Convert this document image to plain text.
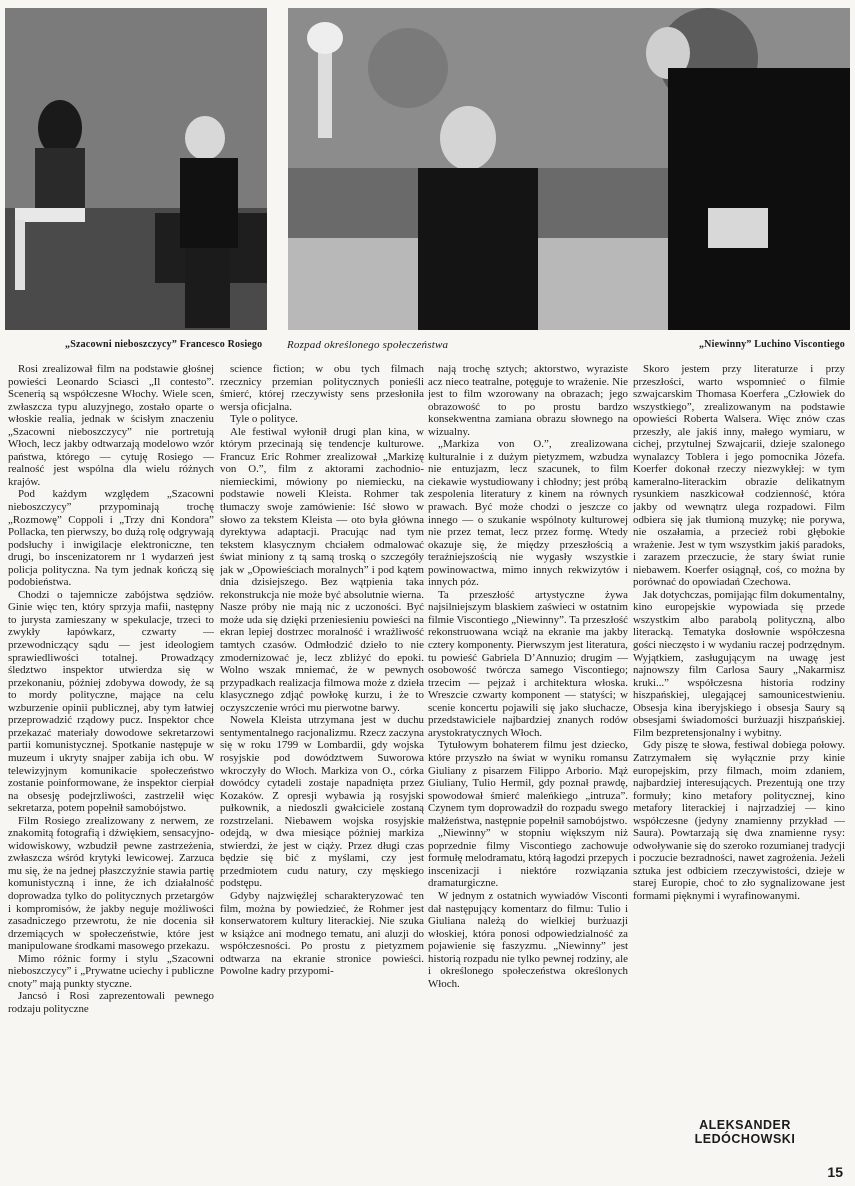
„Szacowni nieboszczycy” Francesco Rosiego Rozpad określonego społeczeństwa	„Niewinny” Luchino Viscontiego

Rosi zrealizował film na podstawie głośnej powieści Leonardo Sciasci „Il contesto”. Scenerią są współczesne Włochy. Wiele scen, zwłaszcza typu aluzyjnego, zostało oparte o włoskie realia, jednak w ścisłym znaczeniu „Szacowni nieboszczycy” nie portretują Włoch, lecz jakby odtwarzają modelowo wzór państwa, którego — cytuję Rosiego — realność jest wspólna dla wielu różnych krajów.

Pod każdym względem „Szacowni nieboszczycy” przypominają trochę „Rozmowę” Coppoli i „Trzy dni Kondora” Pollacka, ten pierwszy, bo dużą rolę odgrywają podsłuchy i inwigilacje elektroniczne, ten drugi, bo inscenizatorem nr 1 wydarzeń jest policja polityczna. Na tym jednak kończą się podobieństwa.

Chodzi o tajemnicze zabójstwa sędziów. Ginie więc ten, który sprzyja mafii, następny to jurysta zamieszany w spekulacje, trzeci to zwykły łapówkarz, czwarty — przewodniczący sądu — jest ideologiem sprawiedliwości totalnej. Prowadzący śledztwo inspektor utwierdza się w przekonaniu, później zdobywa dowody, że są to mordy polityczne, mające na celu wzburzenie opinii publicznej, aby tym łatwiej przeprowadzić rządowy pucz. Inspektor chce przekazać materiały dowodowe sekretarzowi partii komunistycznej. Spotkanie następuje w muzeum i ukryty snajper zabija ich obu. W telewizyjnym komunikacie społeczeństwo zostanie poinformowane, że inspektor cierpiał na obsesję podejrzliwości, zastrzelił więc sekretarza, potem popełnił samobójstwo.

Film Rosiego zrealizowany z nerwem, ze znakomitą fotografią i dźwiękiem, sensacyjno-widowiskowy, wzbudził pewne zastrzeżenia, zwłaszcza wśród krytyki lewicowej. Zarzuca mu się, że na jednej płaszczyźnie stawia partię komunistyczną i inne, że ich działalność doprowadza tylko do politycznych przetargów i kompromisów, że jakby neguje możliwości zasadniczego przewrotu, że nie docenia sił drzemiących w społeczeństwie, które jest manipulowane środkami masowego przekazu.

Mimo różnic formy i stylu „Szacowni nieboszczycy” i „Prywatne uciechy i publiczne cnoty” mają punkty styczne.

Jancsó i Rosi zaprezentowali pewnego rodzaju polityczne

science fiction; w obu tych filmach rzecznicy przemian politycznych ponieśli śmierć, której rzeczywisty sens przesłoniła wersja oficjalna.

Tyle o polityce.

Ale festiwal wyłonił drugi plan kina, w którym przecinają się tendencje kulturowe. Francuz Eric Rohmer zrealizował „Markizę von O.”, film z aktorami zachodnio-niemieckimi, mówiony po niemiecku, na podstawie noweli Kleista. Rohmer tak tłumaczy swoje zamówienie: Iść słowo w słowo za tekstem Kleista — oto była główna dyrektywa adaptacji. Pracując nad tym tekstem klasycznym chciałem odmalować świat miniony z tą samą troską o szczegóły jak w „Opowieściach moralnych” i pod kątem dnia dzisiejszego. Bez wątpienia taka rekonstrukcja nie może być absolutnie wierna. Nasze próby nie mają nic z uczoności. Być może uda się dzięki przeniesieniu powieści na ekran lepiej dostrzec moralność i wrażliwość tamtych czasów. Odmłodzić dzieło to nie zmodernizować je, lecz zbliżyć do epoki. Wolno wszak mniemać, że w pewnych przypadkach realizacja filmowa może z dzieła klasycznego zdjąć powłokę kurzu, i że to oczyszczenie wróci mu pierwotne barwy.

Nowela Kleista utrzymana jest w duchu sentymentalnego racjonalizmu. Rzecz zaczyna się w roku 1799 w Lombardii, gdy wojska rosyjskie pod dowództwem Suworowa wkroczyły do Włoch. Markiza von O., córka dowódcy cytadeli zostaje napadnięta przez Kozaków. Z opresji wybawia ją rosyjski pułkownik, a niedoszli gwałciciele zostaną rozstrzelani. Niebawem wojska rosyjskie odejdą, w dwa miesiące później markiza stwierdzi, że jest w ciąży. Przez długi czas będzie się bić z myślami, czy jest przedmiotem cudu natury, czy męskiego podstępu.

Gdyby najzwięźlej scharakteryzować ten film, można by powiedzieć, że Rohmer jest konserwatorem kultury literackiej. Nie szuka w książce ani modnego tematu, ani aluzji do współczesności. Po prostu z pietyzmem odtwarza na ekranie stronice powieści. Powolne kadry przypomi-

nają trochę sztych; aktorstwo, wyraziste acz nieco teatralne, potęguje to wrażenie. Nie jest to film wzorowany na obrazach; jego obrazowość to po prostu bardzo konsekwentna zamiana obrazu słownego na wizualny.

„Markiza von O.”, zrealizowana kulturalnie i z dużym pietyzmem, wzbudza nie entuzjazm, lecz szacunek, to film ciekawie wystudiowany i chłodny; jest próbą zespolenia literatury z kinem na równych prawach. Być może chodzi o jeszcze co innego — o szukanie wspólnoty kulturowej nie przez temat, lecz przez formę. Wtedy okazuje się, że między przeszłością a teraźniejszością nie wygasły wszystkie powinowactwa, mimo innych rekwizytów i innych póz.

Ta przeszłość artystyczne żywa najsilniejszym blaskiem zaświeci w ostatnim filmie Viscontiego „Niewinny”. Ta przeszłość rekonstruowana wciąż na ekranie ma jakby cztery komponenty. Pierwszym jest literatura, tu powieść Gabriela D’Annuzio; drugim — osobowość twórcza samego Viscontiego; trzecim — pejzaż i architektura włoska. Wreszcie czwarty komponent — statyści; w scenie koncertu pojawili się jako słuchacze, przedstawiciele najbardziej znanych rodów arystokratycznych Włoch.

Tytułowym bohaterem filmu jest dziecko, które przyszło na świat w wyniku romansu Giuliany z pisarzem Filippo Arborio. Mąż Giuliany, Tulio Hermil, gdy poznał prawdę, spowodował śmierć maleńkiego „intruza”. Czynem tym doprowadził do rozpadu swego małżeństwa, następnie popełnił samobójstwo.

„Niewinny” w stopniu większym niż poprzednie filmy Viscontiego zachowuje formułę melodramatu, którą łagodzi przepych inscenizacji i niektóre rozwiązania dramaturgiczne.

W jednym z ostatnich wywiadów Visconti dał następujący komentarz do filmu: Tulio i Giuliana należą do wielkiej burżuazji włoskiej, która ponosi odpowiedzialność za pojawienie się faszyzmu. „Niewinny” jest historią rozpadu nie tylko pewnej rodziny, ale i określonego społeczeństwa określonych Włoch.

Skoro jestem przy literaturze i przy przeszłości, warto wspomnieć o filmie szwajcarskim Thomasa Koerfera „Człowiek do wszystkiego”, zrealizowanym na podstawie opowieści Roberta Walsera. Więc znów czas przeszły, ale jakiś inny, małego wymiaru, w cichej, przytulnej Szwajcarii, dzieje szalonego wynalazcy Toblera i jego pomocnika Józefa. Koerfer dokonał rzeczy niezwykłej: w tym kameralno-literackim obrazie delikatnym rysunkiem naszkicował codzienność, która jakby od wewnątrz ulega rozpadowi. Film odbiera się jak tłumioną muzykę; nie porywa, nie oszałamia, a przecież robi głębokie wrażenie. Jest w tym wszystkim jakiś paradoks, i zarazem przeczucie, że stary świat runie niebawem. Koerfer osiągnął, coś, co można by porównać do opowiadań Czechowa.

Jak dotychczas, pomijając film dokumentalny, kino europejskie wypowiada się przede wszystkim albo parabolą polityczną, albo literacką. Tematyka dosłownie współczesna gości nieczęsto i w wydaniu raczej podrzędnym. Wyjątkiem, zasługującym na uwagę jest najnowszy film Carlosa Saury „Nakarmisz kruki...” współczesna historia rodziny hiszpańskiej, ulegającej samounicestwieniu. Obsesja kina iberyjskiego i obsesja Saury są obsesjami świadomości burżuazji hiszpańskiej. Film bezpretensjonalny i wybitny.

Gdy piszę te słowa, festiwal dobiega połowy. Zatrzymałem się wyłącznie przy kinie europejskim, przy filmach, moim zdaniem, najbardziej interesujących. Prezentują one trzy formuły; kino metafory politycznej, kino metafory literackiej i najrzadziej — kino współczesne (jedyny znamienny przykład — Saura). Powtarzają się dwa znamienne rysy: odwoływanie się do szeroko rozumianej tradycji i poczucie bezradności, nawet zagrożenia. Jeżeli sztuka jest odbiciem rzeczywistości, dzieje w starej Europie, choć to zło sygnalizowane jest formami pięknymi i wyrafinowanymi.

ALEKSANDER
LEDÓCHOWSKI
15
